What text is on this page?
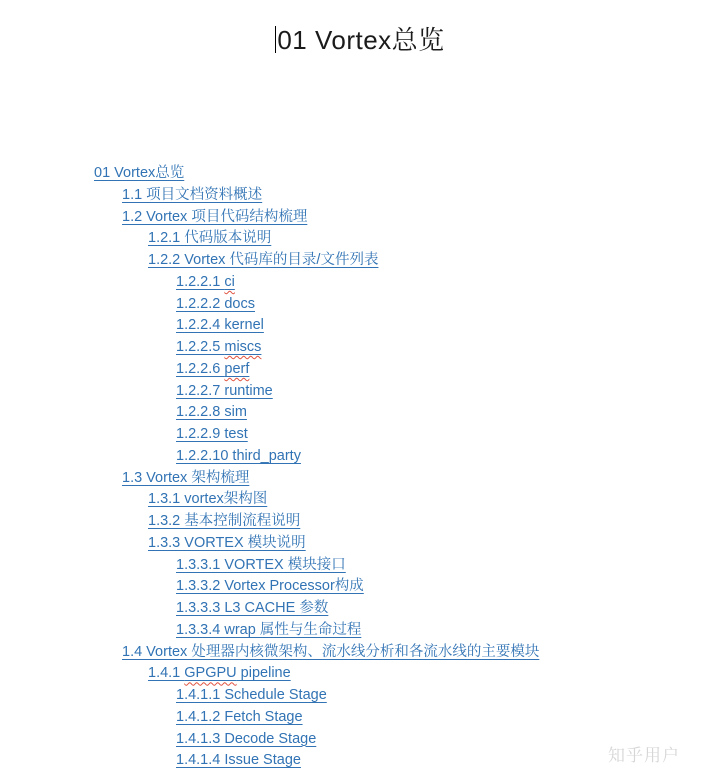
01 Vortex总览
01 Vortex总览
1.1 项目文档资料概述
1.2 Vortex 项目代码结构梳理
1.2.1 代码版本说明
1.2.2 Vortex 代码库的目录/文件列表
1.2.2.1 ci
1.2.2.2 docs
1.2.2.4 kernel
1.2.2.5 miscs
1.2.2.6 perf
1.2.2.7 runtime
1.2.2.8 sim
1.2.2.9 test
1.2.2.10 third_party
1.3 Vortex 架构梳理
1.3.1 vortex架构图
1.3.2 基本控制流程说明
1.3.3 VORTEX 模块说明
1.3.3.1 VORTEX 模块接口
1.3.3.2 Vortex Processor构成
1.3.3.3 L3 CACHE 参数
1.3.3.4 wrap 属性与生命过程
1.4 Vortex 处理器内核微架构、流水线分析和各流水线的主要模块
1.4.1 GPGPU pipeline
1.4.1.1 Schedule Stage
1.4.1.2 Fetch Stage
1.4.1.3 Decode Stage
1.4.1.4 Issue Stage	知乎用户
